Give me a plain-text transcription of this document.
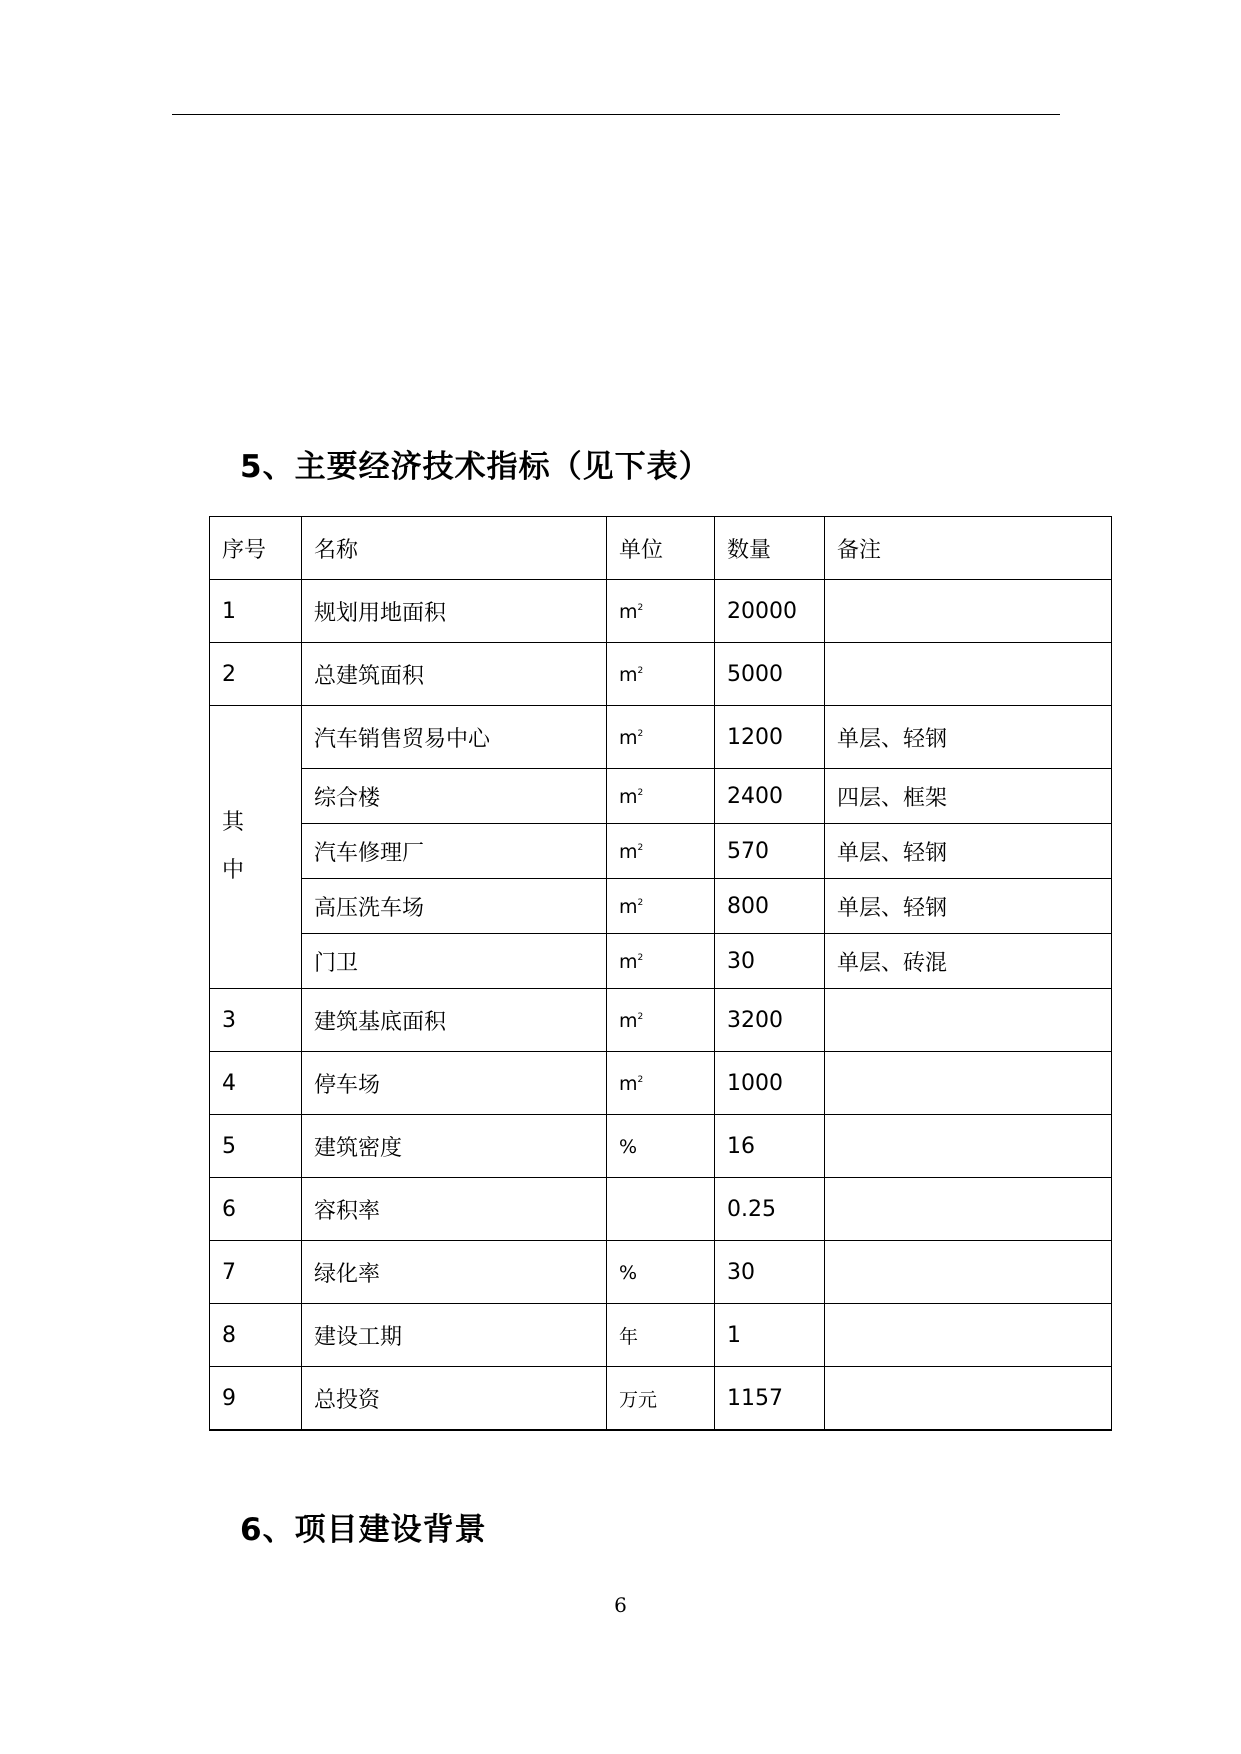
5、主要经济技术指标（见下表）
序号	名称	单位	数量	备注
1	规划用地面积	$m^2$	20000	
2	总建筑面积	$m^2$	5000	
其中	汽车销售贸易中心	$m^2$	1200	单层、轻钢
	综合楼	$m^2$	2400	四层、框架
	汽车修理厂	$m^2$	570	单层、轻钢
	高压洗车场	$m^2$	800	单层、轻钢
	门卫	$m^2$	30	单层、砖混
3	建筑基底面积	$m^2$	3200	
4	停车场	$m^2$	1000	
5	建筑密度	%	16	
6	容积率		0.25	
7	绿化率	%	30	
8	建设工期	年	1	
9	总投资	万元	1157	
6、项目建设背景
6
